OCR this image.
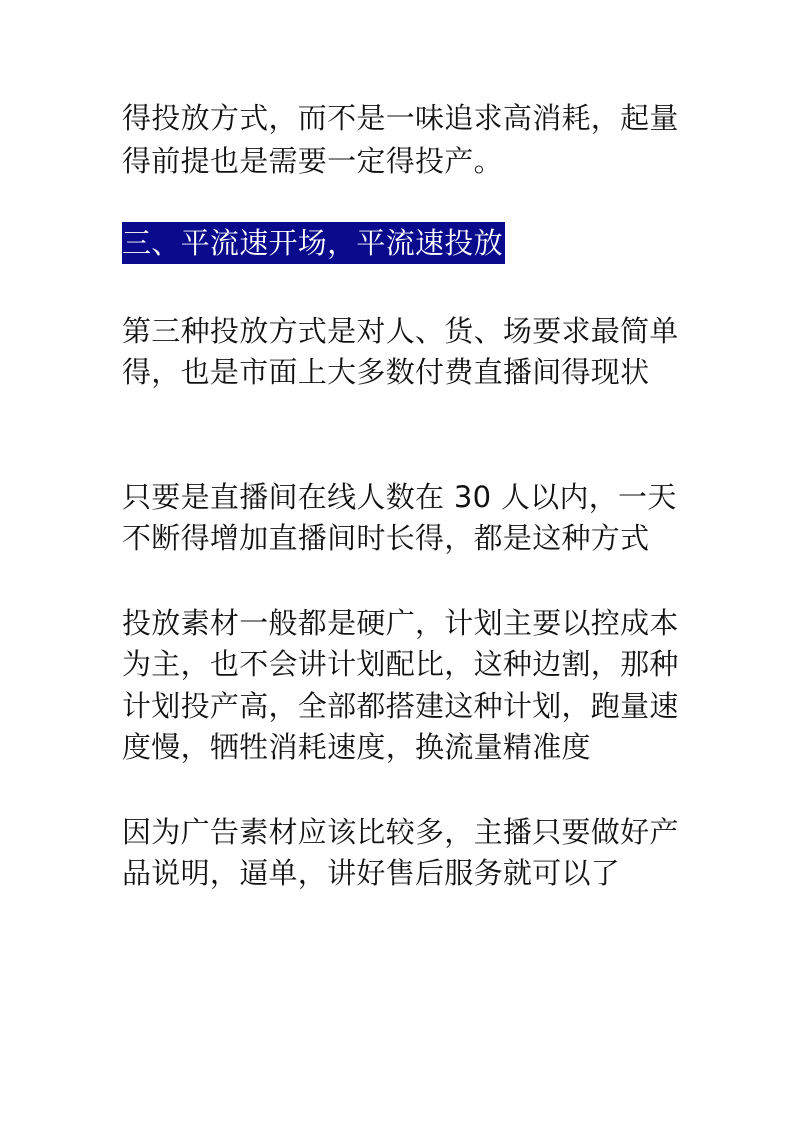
得投放方式，而不是一味追求高消耗，起量
得前提也是需要一定得投产。
三、平流速开场，平流速投放
第三种投放方式是对人、货、场要求最简单
得，也是市面上大多数付费直播间得现状
只要是直播间在线人数在 30 人以内，一天
不断得增加直播间时长得，都是这种方式
投放素材一般都是硬广，计划主要以控成本
为主，也不会讲计划配比，这种边割，那种
计划投产高，全部都搭建这种计划，跑量速
度慢，牺牲消耗速度，换流量精准度
因为广告素材应该比较多，主播只要做好产
品说明，逼单，讲好售后服务就可以了
